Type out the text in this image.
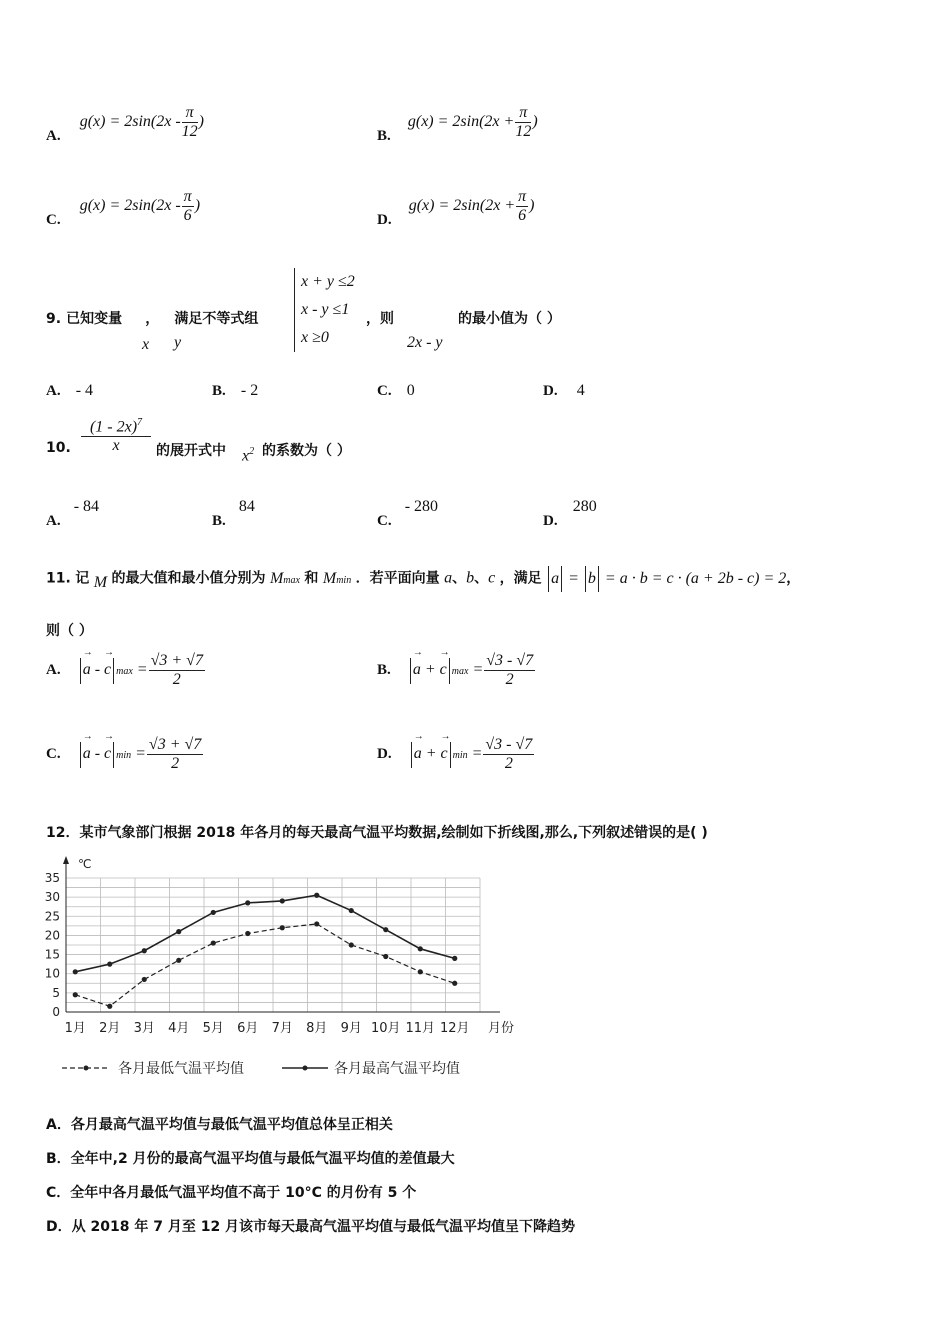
A. $g(x) = 2\sin(2x - \frac{\pi}{12}$ )
B. $g(x) = 2\sin(2x + \frac{\pi}{12}$ )
C. $g(x) = 2\sin(2x - \frac{\pi}{6}$ )
D. $g(x) = 2\sin(2x + \frac{\pi}{6}$ )
9. 已知变量 ， 满足不等式组
x y
x + y ≤2
x - y ≤1
x ≥0
，则	的最小值为（ ）
2x - y
A. - 4	B. - 2	C. 0	D. 4
10. $\frac{(1 - 2x)^7}{x}$ 的展开式中 $x^2$ 的系数为（ ）
A. - 84
B. 84
C. - 280
D. 280
11. 记 M 的最大值和最小值分别为 Mmax 和 Mmin ．若平面向量 a、b、c ，满足 a = b = a · b = c · (a + 2b - c) = 2，
则（ ）
A. → a - → c $\max = \frac{√3 + √7}{2}$	B. → a + → c $\max = \frac{√3 - √7}{2}$
C. → a - → c $\min = \frac{√3 + √7}{2}$	D. → a + → c $\min = \frac{√3 - √7}{2}$
12．某市气象部门根据 2018 年各月的每天最高气温平均数据,绘制如下折线图,那么,下列叙述错误的是( )
0
5
10
15
20
25
30
35
1月 2月 3月 4月 5月 6月 7月 8月 9月 10月 11月 12月
℃
月份
各月最低气温平均值	各月最高气温平均值
A．各月最高气温平均值与最低气温平均值总体呈正相关
B．全年中,2 月份的最高气温平均值与最低气温平均值的差值最大
C．全年中各月最低气温平均值不高于 10°C 的月份有 5 个
D．从 2018 年 7 月至 12 月该市每天最高气温平均值与最低气温平均值呈下降趋势
